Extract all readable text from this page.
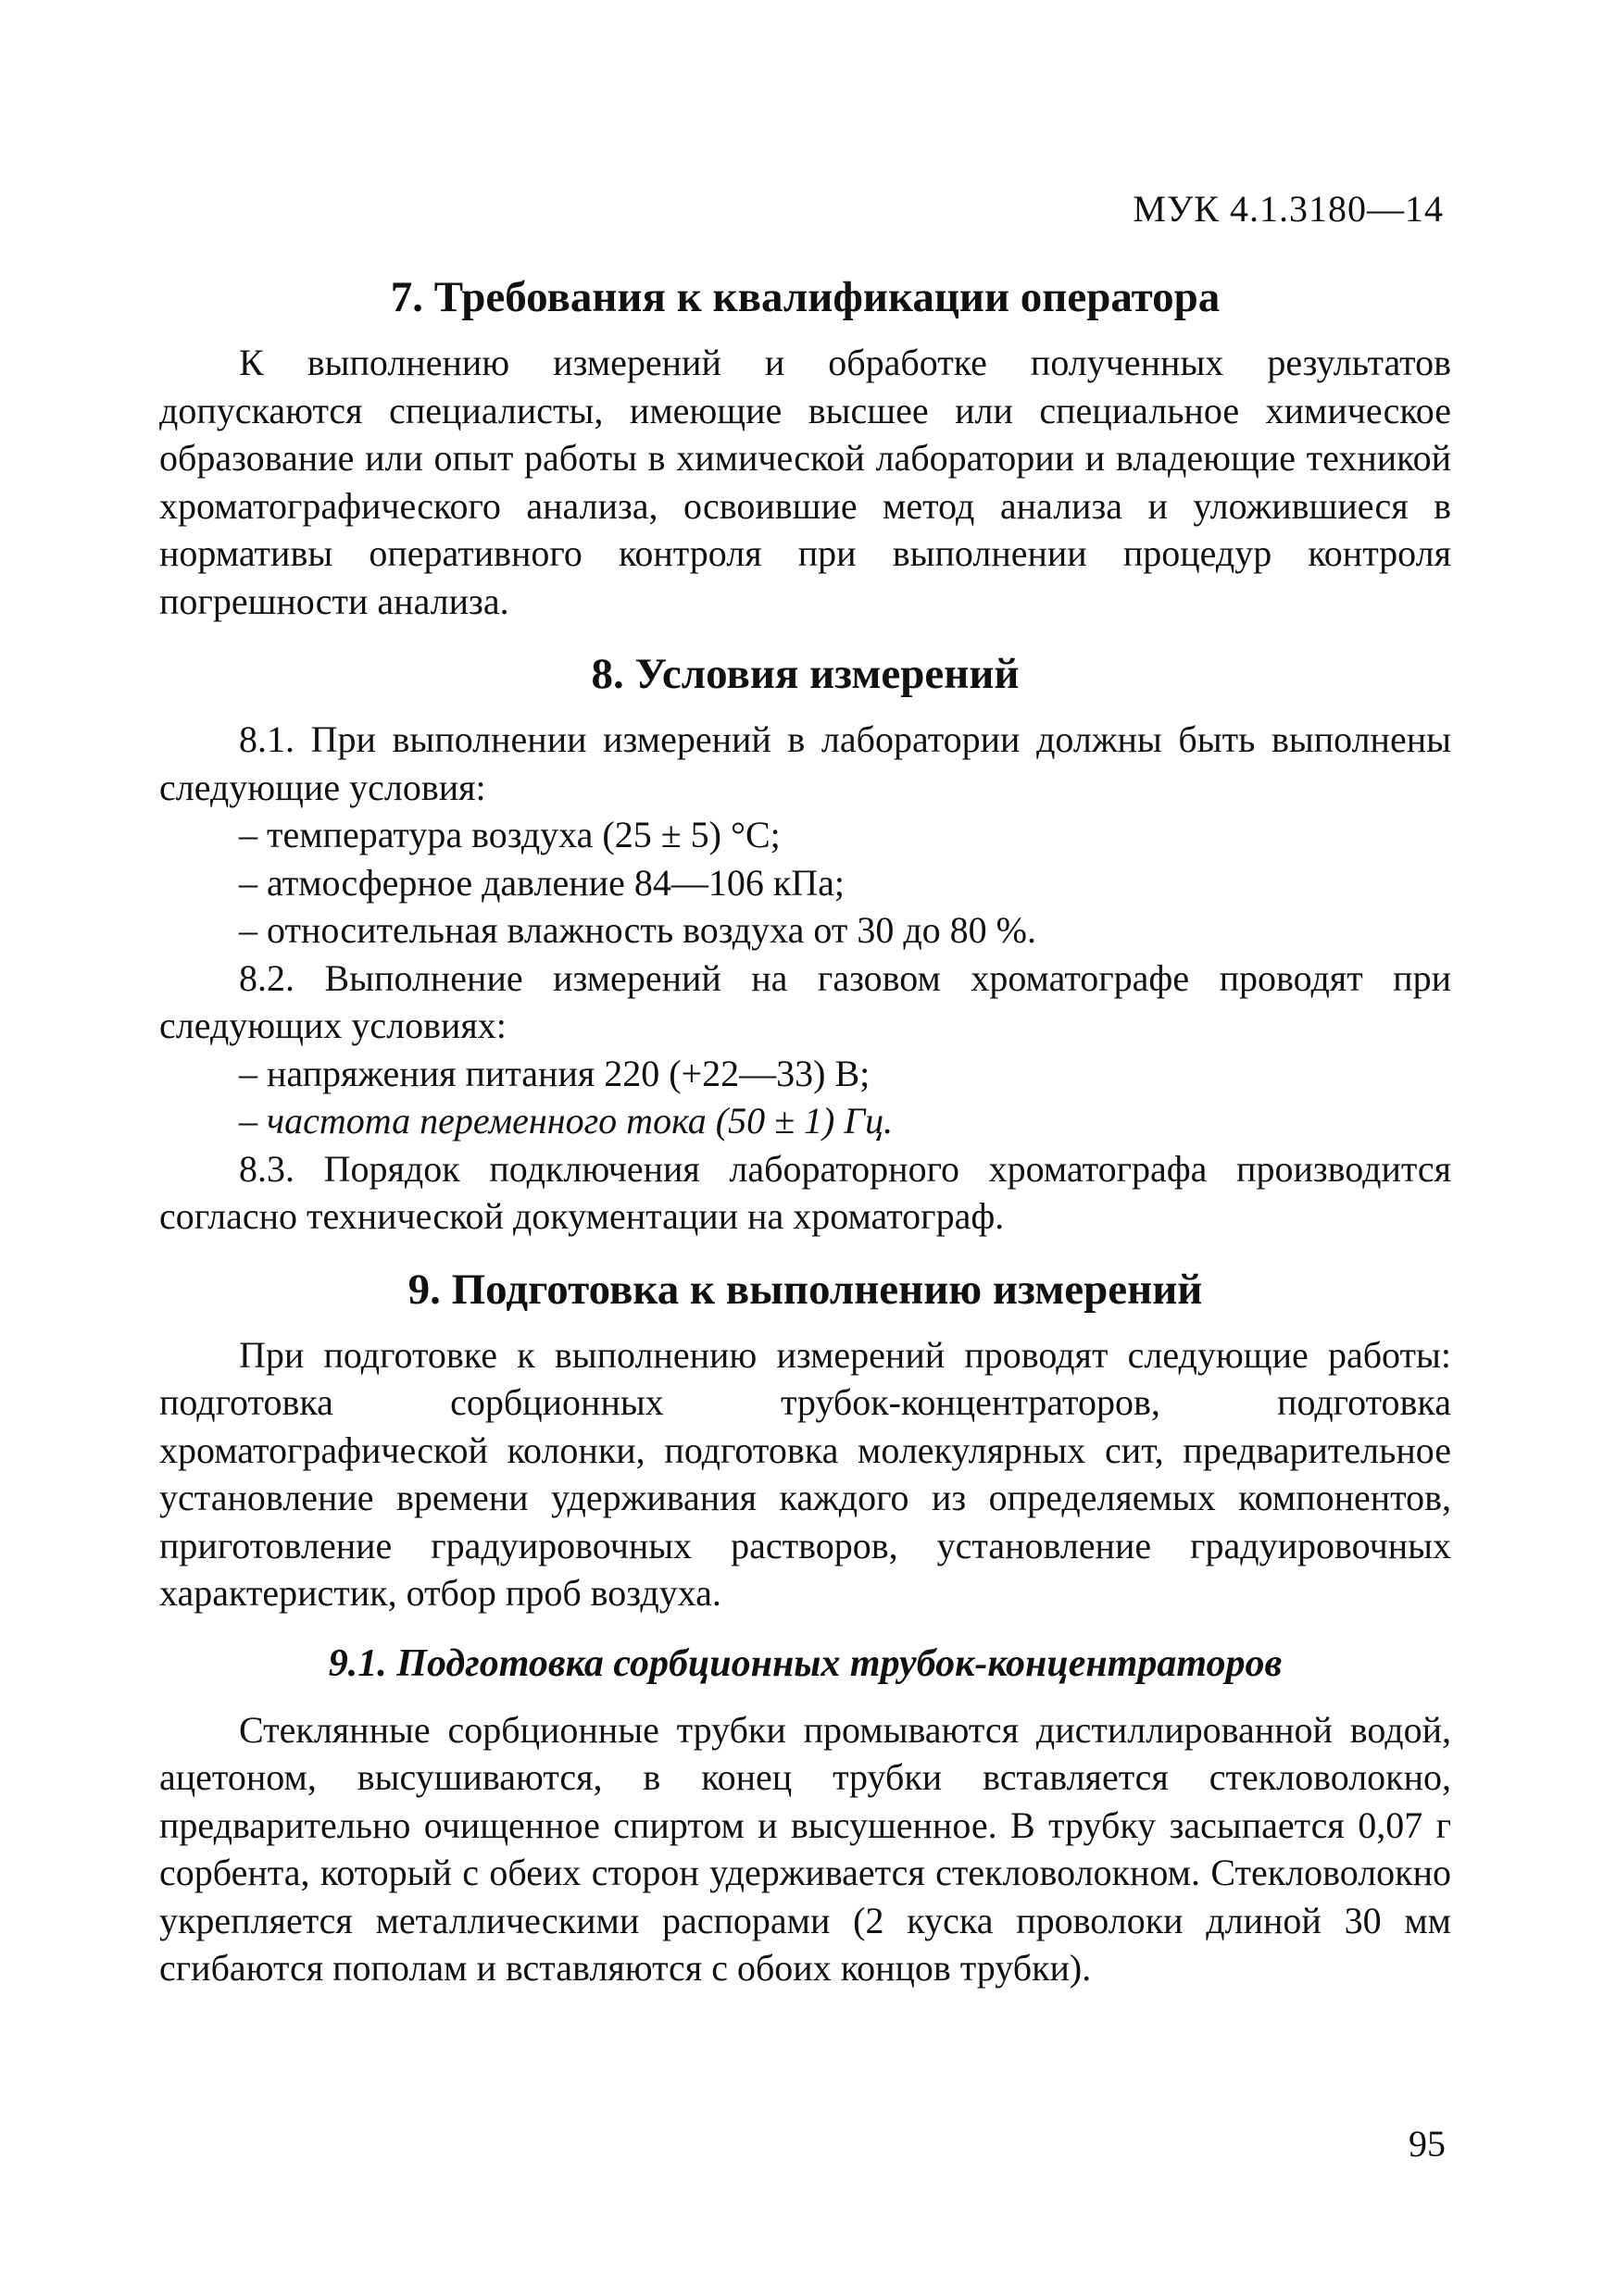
МУК 4.1.3180—14
7. Требования к квалификации оператора

К выполнению измерений и обработке полученных результатов допускаются специалисты, имеющие высшее или специальное химическое образование или опыт работы в химической лаборатории и владеющие техникой хроматографического анализа, освоившие метод анализа и уложившиеся в нормативы оперативного контроля при выполнении процедур контроля погрешности анализа.

8. Условия измерений

8.1. При выполнении измерений в лаборатории должны быть выполнены следующие условия:

– температура воздуха (25 ± 5) °С;

– атмосферное давление 84—106 кПа;

– относительная влажность воздуха от 30 до 80 %.

8.2. Выполнение измерений на газовом хроматографе проводят при следующих условиях:

– напряжения питания 220 (+22—33) В;

– частота переменного тока (50 ± 1) Гц.

8.3. Порядок подключения лабораторного хроматографа производится согласно технической документации на хроматограф.

9. Подготовка к выполнению измерений

При подготовке к выполнению измерений проводят следующие работы: подготовка сорбционных трубок-концентраторов, подготовка хроматографической колонки, подготовка молекулярных сит, предварительное установление времени удерживания каждого из определяемых компонентов, приготовление градуировочных растворов, установление градуировочных характеристик, отбор проб воздуха.

9.1. Подготовка сорбционных трубок-концентраторов

Стеклянные сорбционные трубки промываются дистиллированной водой, ацетоном, высушиваются, в конец трубки вставляется стекловолокно, предварительно очищенное спиртом и высушенное. В трубку засыпается 0,07 г сорбента, который с обеих сторон удерживается стекловолокном. Стекловолокно укрепляется металлическими распорами (2 куска проволоки длиной 30 мм сгибаются пополам и вставляются с обоих концов трубки).

95
